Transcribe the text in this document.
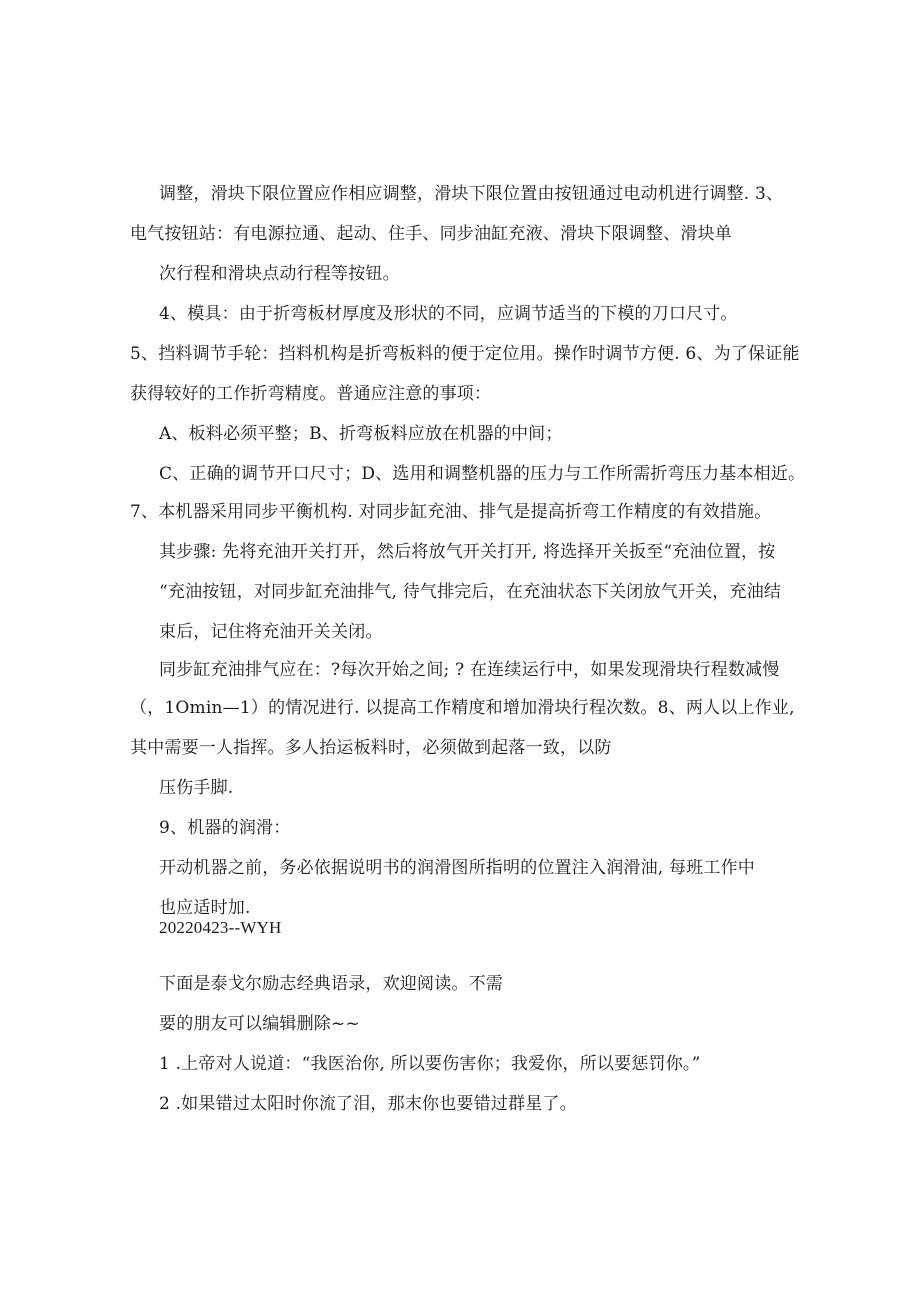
调整，滑块下限位置应作相应调整，滑块下限位置由按钮通过电动机进行调整. 3、
电气按钮站：有电源拉通、起动、住手、同步油缸充液、滑块下限调整、滑块单
次行程和滑块点动行程等按钮。
4、模具：由于折弯板材厚度及形状的不同，应调节适当的下模的刀口尺寸。
5、挡料调节手轮：挡料机构是折弯板料的便于定位用。操作时调节方便. 6、为了保证能
获得较好的工作折弯精度。普通应注意的事项：
A、板料必须平整；B、折弯板料应放在机器的中间；
C、正确的调节开口尺寸；D、选用和调整机器的压力与工作所需折弯压力基本相近。
7、本机器采用同步平衡机构. 对同步缸充油、排气是提高折弯工作精度的有效措施。
其步骤: 先将充油开关打开，然后将放气开关打开, 将选择开关扳至“充油位置，按
“充油按钮，对同步缸充油排气, 待气排完后，在充油状态下关闭放气开关，充油结
束后，记住将充油开关关闭。
同步缸充油排气应在：?每次开始之间; ? 在连续运行中，如果发现滑块行程数减慢
（，1Omin—1）的情况进行. 以提高工作精度和增加滑块行程次数。8、两人以上作业,
其中需要一人指挥。多人抬运板料时，必须做到起落一致，以防
压伤手脚.
9、机器的润滑：
开动机器之前，务必依据说明书的润滑图所指明的位置注入润滑油, 每班工作中
也应适时加.
20220423--WYH
下面是泰戈尔励志经典语录，欢迎阅读。不需
要的朋友可以编辑删除~~
1 .上帝对人说道：“我医治你, 所以要伤害你；我爱你，所以要惩罚你。”
2 .如果错过太阳时你流了泪，那末你也要错过群星了。
